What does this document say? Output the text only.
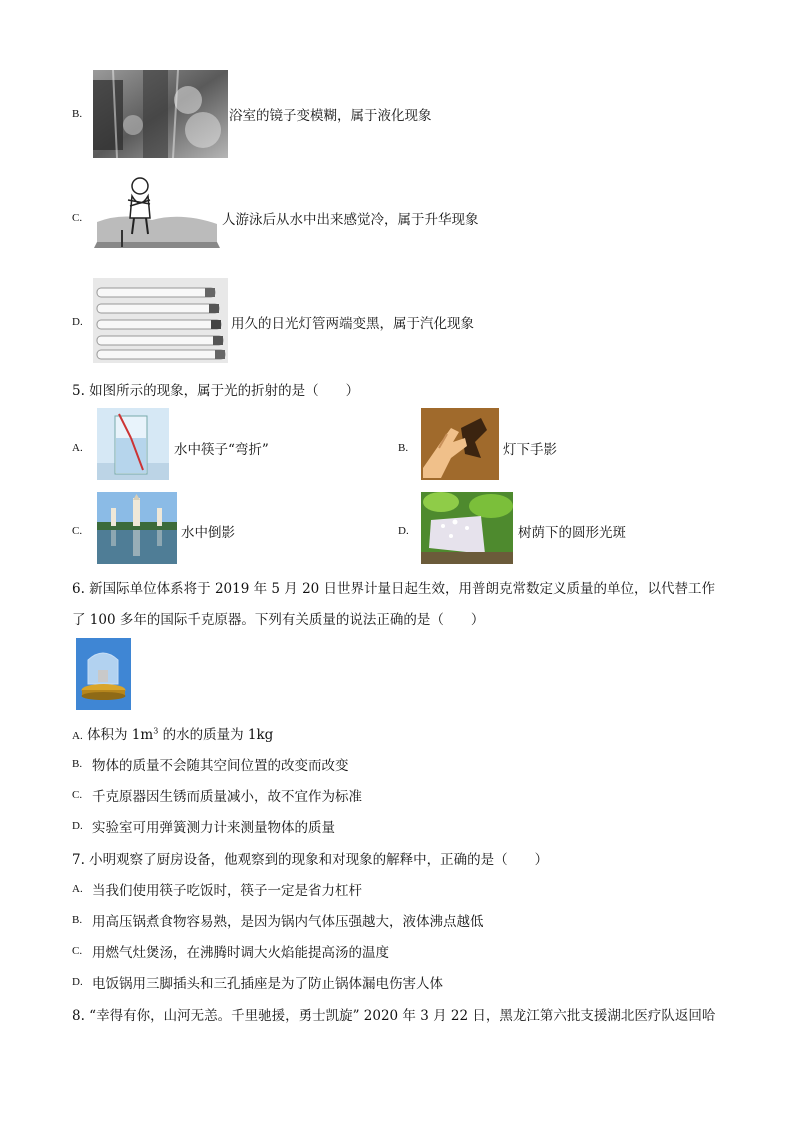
B.	浴室的镜子变模糊，属于液化现象
C.	人游泳后从水中出来感觉冷，属于升华现象
D.	用久的日光灯管两端变黑，属于汽化现象
5. 如图所示的现象，属于光的折射的是（　　）
A.	水中筷子“弯折”	B.	灯下手影
C.	水中倒影	D.	树荫下的圆形光斑
6. 新国际单位体系将于 2019 年 5 月 20 日世界计量日起生效，用普朗克常数定义质量的单位，以代替工作
了 100 多年的国际千克原器。下列有关质量的说法正确的是（　　）
A. 体积为 $1m^3$ 的水的质量为 1kg
B. 物体的质量不会随其空间位置的改变而改变
C. 千克原器因生锈而质量减小，故不宜作为标准
D. 实验室可用弹簧测力计来测量物体的质量
7. 小明观察了厨房设备，他观察到的现象和对现象的解释中，正确的是（　　）
A. 当我们使用筷子吃饭时，筷子一定是省力杠杆
B. 用高压锅煮食物容易熟，是因为锅内气体压强越大，液体沸点越低
C. 用燃气灶煲汤，在沸腾时调大火焰能提高汤的温度
D. 电饭锅用三脚插头和三孔插座是为了防止锅体漏电伤害人体
8. “幸得有你，山河无恙。千里驰援，勇士凯旋” 2020 年 3 月 22 日，黑龙江第六批支援湖北医疗队返回哈
